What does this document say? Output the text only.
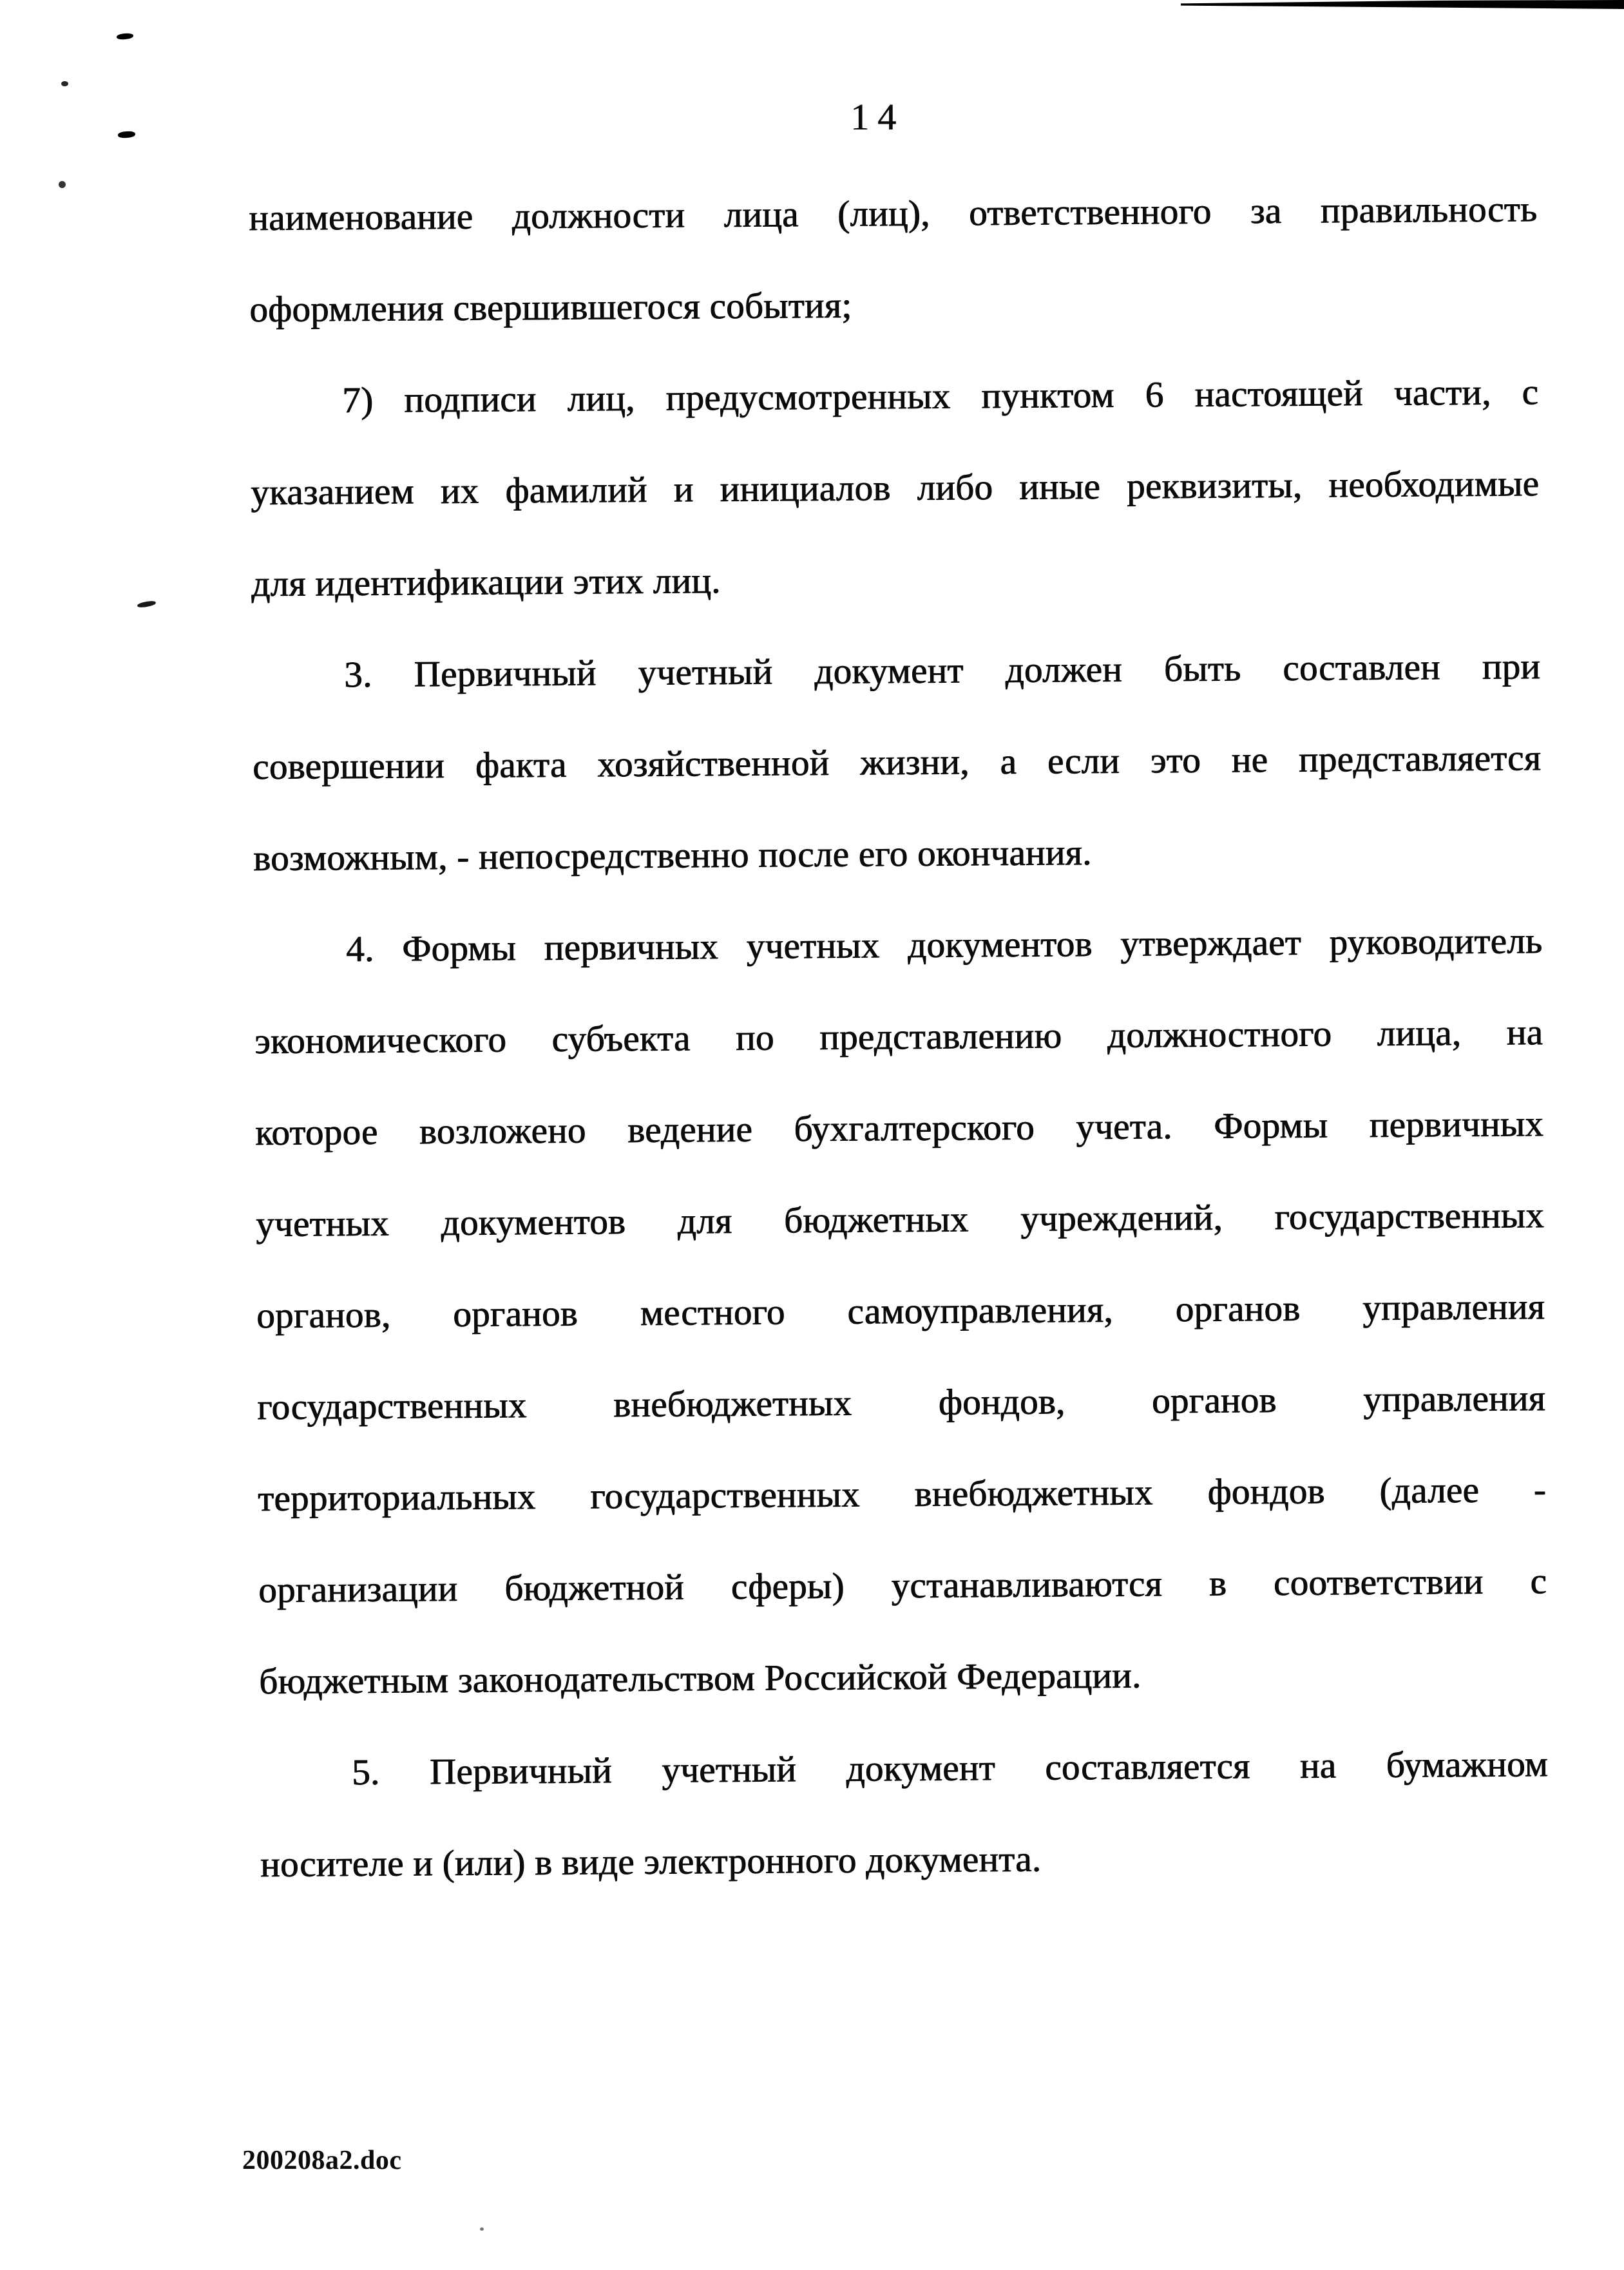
14
наименование должности лица (лиц), ответственного за правильность
оформления свершившегося события;
7) подписи лиц, предусмотренных пунктом 6 настоящей части, с
указанием их фамилий и инициалов либо иные реквизиты, необходимые
для идентификации этих лиц.
3. Первичный учетный документ должен быть составлен при
совершении факта хозяйственной жизни, а если это не представляется
возможным, - непосредственно после его окончания.
4. Формы первичных учетных документов утверждает руководитель
экономического субъекта по представлению должностного лица, на
которое возложено ведение бухгалтерского учета. Формы первичных
учетных документов для бюджетных учреждений, государственных
органов, органов местного самоуправления, органов управления
государственных внебюджетных фондов, органов управления
территориальных государственных внебюджетных фондов (далее -
организации бюджетной сферы) устанавливаются в соответствии с
бюджетным законодательством Российской Федерации.
5. Первичный учетный документ составляется на бумажном
носителе и (или) в виде электронного документа.
200208a2.doc
